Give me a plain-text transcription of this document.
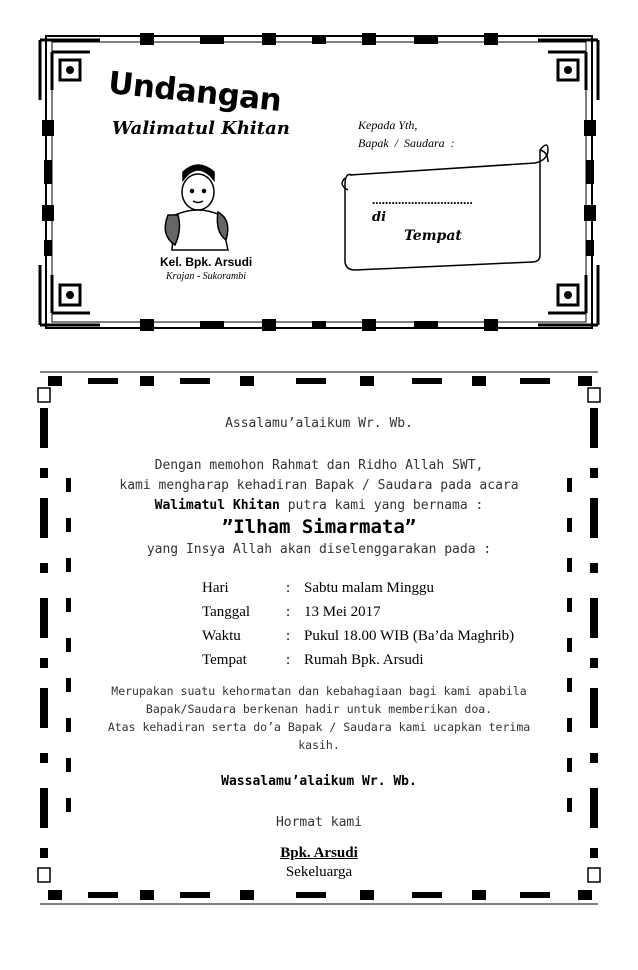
Undangan
Walimatul Khitan
Kel. Bpk. Arsudi
Krajan - Sukorambi
Kepada Yth,
Bapak / Saudara :
...............................
di
Tempat
Assalamu’alaikum Wr. Wb.
Dengan memohon Rahmat dan Ridho Allah SWT,
kami mengharap kehadiran Bapak / Saudara pada acara
Walimatul Khitan putra kami yang bernama :
”Ilham Simarmata”
yang Insya Allah akan diselenggarakan pada :
Hari	: Sabtu malam Minggu
Tanggal : 13 Mei 2017
Waktu	: Pukul 18.00 WIB (Ba’da Maghrib)
Tempat	: Rumah Bpk. Arsudi
Merupakan suatu kehormatan dan kebahagiaan bagi kami apabila
Bapak/Saudara berkenan hadir untuk memberikan doa.
Atas kehadiran serta do’a Bapak / Saudara kami ucapkan terima
kasih.
Wassalamu’alaikum Wr. Wb.
Hormat kami
Bpk. Arsudi
Sekeluarga
